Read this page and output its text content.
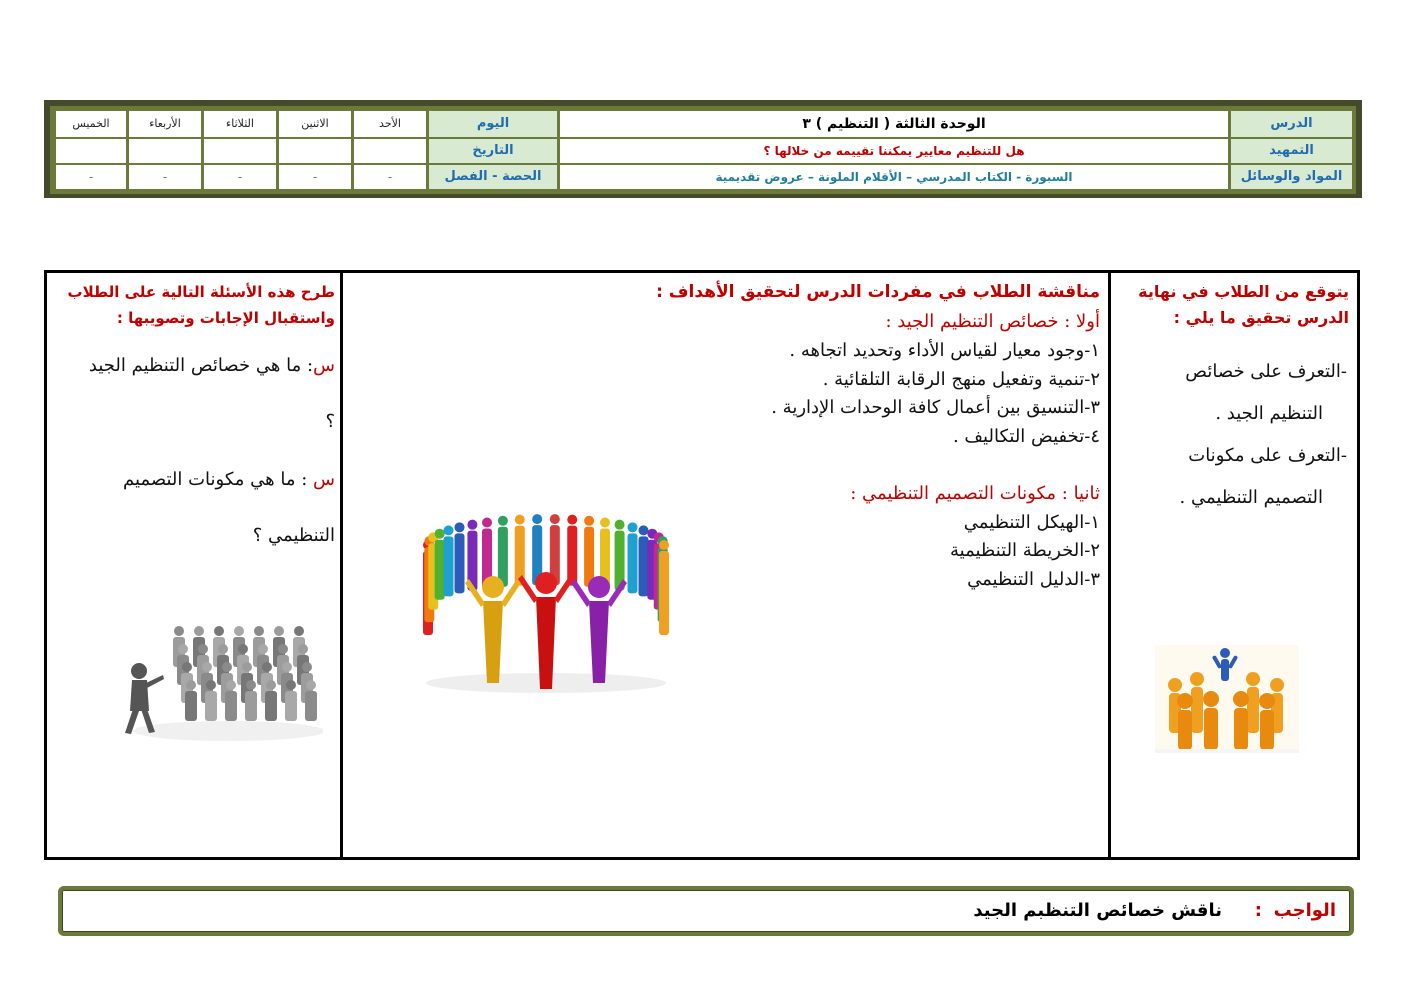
الدرس	الوحدة الثالثة ( التنظيم ) ٣	اليوم	الأحد	الاثنين	الثلاثاء	الأربعاء	الخميس
التمهيد	هل للتنظيم معايير يمكننا تقييمه من خلالها ؟	التاريخ					
المواد والوسائل	السبورة - الكتاب المدرسي – الأقلام الملونة – عروض تقديمية	الحصة - الفصل	-	-	-	-	-
يتوقع من الطلاب في نهاية الدرس تحقيق ما يلي :
-التعرف على خصائص
التنظيم الجيد .
-التعرف على مكونات
التصميم التنظيمي .
مناقشة الطلاب في مفردات الدرس لتحقيق الأهداف :
أولا : خصائص التنظيم الجيد :
١-وجود معيار لقياس الأداء وتحديد اتجاهه .
٢-تنمية وتفعيل منهج الرقابة التلقائية .
٣-التنسيق بين أعمال كافة الوحدات الإدارية .
٤-تخفيض التكاليف .
ثانيا : مكونات التصميم التنظيمي :
١-الهيكل التنظيمي
٢-الخريطة التنظيمية
٣-الدليل التنظيمي
طرح هذه الأسئلة التالية على الطلاب واستقبال الإجابات وتصويبها :
س: ما هي خصائص التنظيم الجيد
؟
س : ما هي مكونات التصميم
التنظيمي ؟
الواجب
:
ناقش خصائص التنظبم الجيد
